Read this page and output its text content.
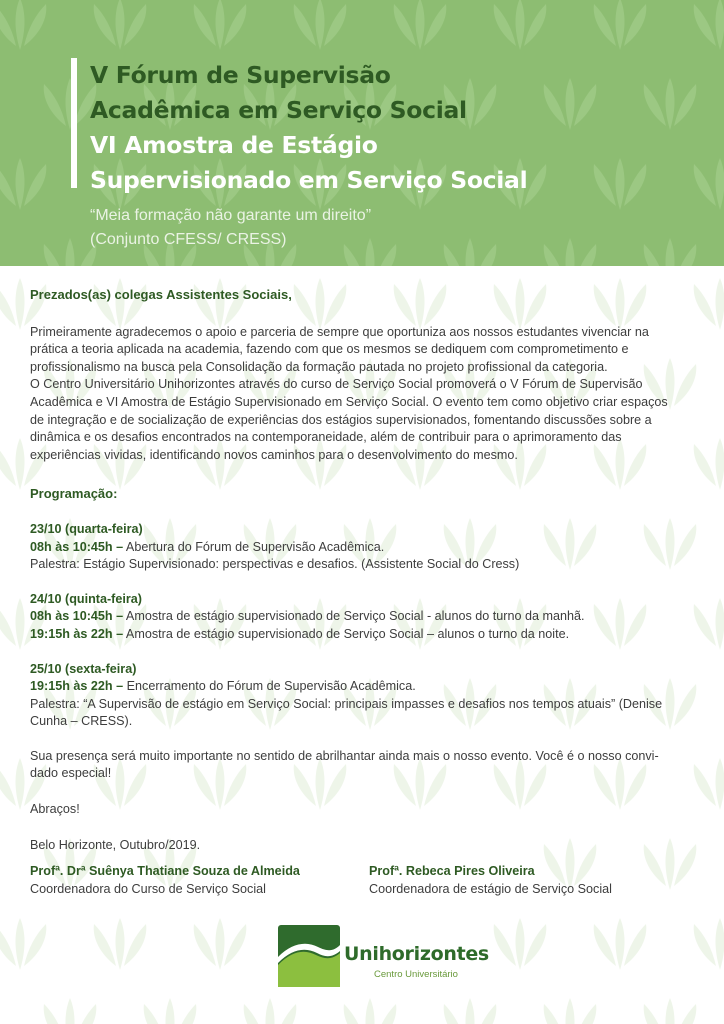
V Fórum de Supervisão
Acadêmica em Serviço Social
VI Amostra de Estágio
Supervisionado em Serviço Social
“Meia formação não garante um direito”
(Conjunto CFESS/ CRESS)

Prezados(as) colegas Assistentes Sociais,

Primeiramente agradecemos o apoio e parceria de sempre que oportuniza aos nossos estudantes vivenciar na
prática a teoria aplicada na academia, fazendo com que os mesmos se dediquem com comprometimento e
profissionalismo na busca pela Consolidação da formação pautada no projeto profissional da categoria.
O Centro Universitário Unihorizontes através do curso de Serviço Social promoverá o V Fórum de Supervisão
Acadêmica e VI Amostra de Estágio Supervisionado em Serviço Social. O evento tem como objetivo criar espaços
de integração e de socialização de experiências dos estágios supervisionados, fomentando discussões sobre a
dinâmica e os desafios encontrados na contemporaneidade, além de contribuir para o aprimoramento das
experiências vividas, identificando novos caminhos para o desenvolvimento do mesmo.

Programação:

23/10 (quarta-feira)
08h às 10:45h – Abertura do Fórum de Supervisão Acadêmica.
Palestra: Estágio Supervisionado: perspectivas e desafios. (Assistente Social do Cress)
24/10 (quinta-feira)
08h às 10:45h – Amostra de estágio supervisionado de Serviço Social - alunos do turno da manhã.
19:15h às 22h – Amostra de estágio supervisionado de Serviço Social – alunos o turno da noite.
25/10 (sexta-feira)
19:15h às 22h – Encerramento do Fórum de Supervisão Acadêmica.
Palestra: “A Supervisão de estágio em Serviço Social: principais impasses e desafios nos tempos atuais” (Denise
Cunha – CRESS).
Sua presença será muito importante no sentido de abrilhantar ainda mais o nosso evento. Você é o nosso convi-
dado especial!
Abraços!
Belo Horizonte, Outubro/2019.
Profª. Drª Suênya Thatiane Souza de Almeida
Coordenadora do Curso de Serviço Social
Profª. Rebeca Pires Oliveira
Coordenadora de estágio de Serviço Social
Unihorizontes
Centro Universitário
